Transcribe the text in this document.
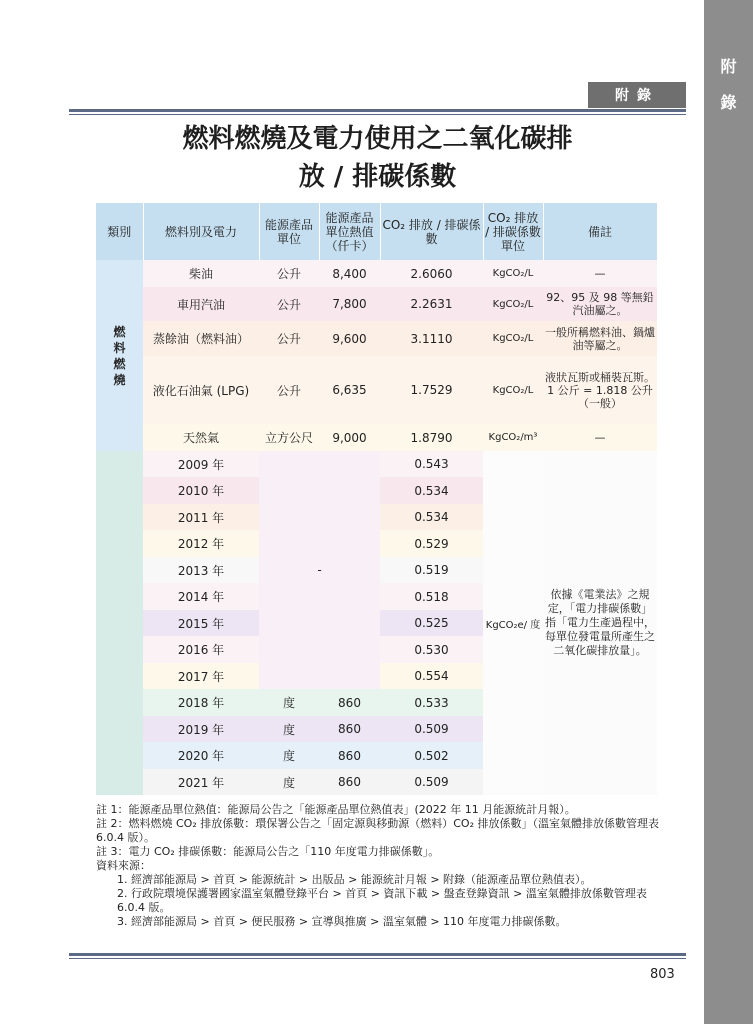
附
錄
附錄
燃料燃燒及電力使用之二氧化碳排
放 / 排碳係數
類別	燃料別及電力	能源產品單位	能源產品單位熱值（仟卡）	CO₂ 排放 / 排碳係數	CO₂ 排放 / 排碳係數單位	備註

燃料燃燒	柴油	公升	8,400	2.6060	KgCO₂/L	—
	車用汽油	公升	7,800	2.2631	KgCO₂/L	92、95 及 98 等無鉛汽油屬之。
	蒸餘油（燃料油）	公升	9,600	3.1110	KgCO₂/L	一般所稱燃料油、鍋爐油等屬之。
	液化石油氣 (LPG)	公升	6,635	1.7529	KgCO₂/L	液狀瓦斯或桶裝瓦斯。1 公斤 = 1.818 公升（一般）
	天然氣	立方公尺	9,000	1.8790	KgCO₂/m³	—
	2009 年	-		0.543	KgCO₂e/ 度	依據《電業法》之規定，「電力排碳係數」指「電力生產過程中，每單位發電量所產生之二氧化碳排放量」。
	2010 年			0.534		
	2011 年			0.534		
	2012 年			0.529		
	2013 年			0.519		
	2014 年			0.518		
	2015 年			0.525		
	2016 年			0.530		
	2017 年			0.554		
	2018 年	度	860	0.533		
	2019 年	度	860	0.509		
	2020 年	度	860	0.502		
	2021 年	度	860	0.509		

註 1：能源產品單位熱值：能源局公告之「能源產品單位熱值表」(2022 年 11 月能源統計月報）。

註 2：燃料燃燒 CO₂ 排放係數：環保署公告之「固定源與移動源（燃料）CO₂ 排放係數」（溫室氣體排放係數管理表 6.0.4 版）。

註 3：電力 CO₂ 排碳係數：能源局公告之「110 年度電力排碳係數」。

資料來源：

1. 經濟部能源局 > 首頁 > 能源統計 > 出版品 > 能源統計月報 > 附錄（能源產品單位熱值表）。

2. 行政院環境保護署國家溫室氣體登錄平台 > 首頁 > 資訊下載 > 盤查登錄資訊 > 溫室氣體排放係數管理表 6.0.4 版。

3. 經濟部能源局 > 首頁 > 便民服務 > 宣導與推廣 > 溫室氣體 > 110 年度電力排碳係數。

803
